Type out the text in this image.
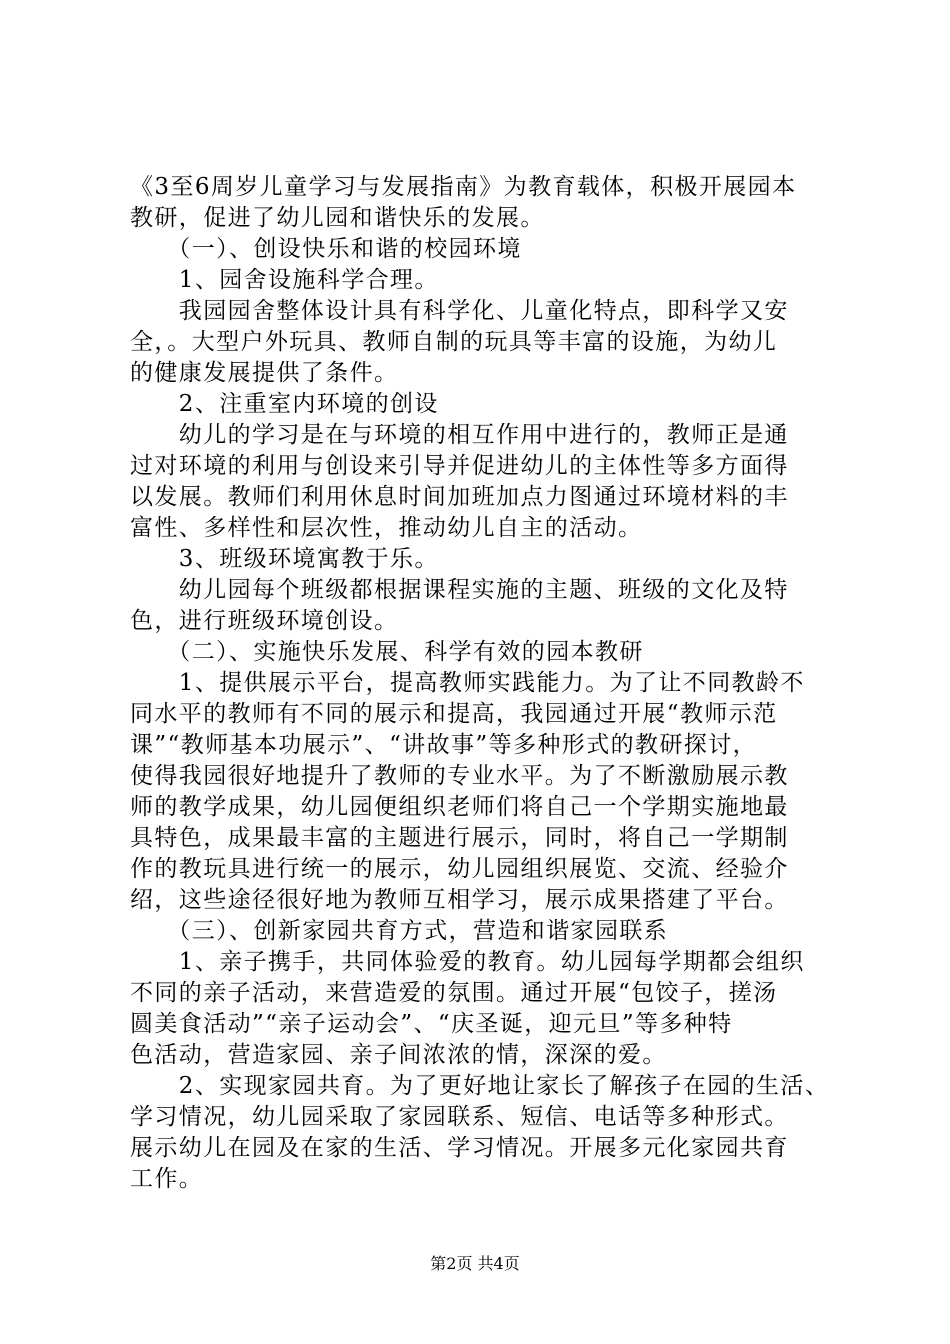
《3至6周岁儿童学习与发展指南》为教育载体，积极开展园本
教研，促进了幼儿园和谐快乐的发展。
　　（一）、创设快乐和谐的校园环境
　　1、园舍设施科学合理。
　　我园园舍整体设计具有科学化、儿童化特点，即科学又安
全，。大型户外玩具、教师自制的玩具等丰富的设施，为幼儿
的健康发展提供了条件。
　　2、注重室内环境的创设
　　幼儿的学习是在与环境的相互作用中进行的，教师正是通
过对环境的利用与创设来引导并促进幼儿的主体性等多方面得
以发展。教师们利用休息时间加班加点力图通过环境材料的丰
富性、多样性和层次性，推动幼儿自主的活动。
　　3、班级环境寓教于乐。
　　幼儿园每个班级都根据课程实施的主题、班级的文化及特
色，进行班级环境创设。
　　（二）、实施快乐发展、科学有效的园本教研
　　1、提供展示平台，提高教师实践能力。为了让不同教龄不
同水平的教师有不同的展示和提高，我园通过开展“教师示范
课”“教师基本功展示”、“讲故事”等多种形式的教研探讨，
使得我园很好地提升了教师的专业水平。为了不断激励展示教
师的教学成果，幼儿园便组织老师们将自己一个学期实施地最
具特色，成果最丰富的主题进行展示，同时，将自己一学期制
作的教玩具进行统一的展示，幼儿园组织展览、交流、经验介
绍，这些途径很好地为教师互相学习，展示成果搭建了平台。
　　（三）、创新家园共育方式，营造和谐家园联系
　　1、亲子携手，共同体验爱的教育。幼儿园每学期都会组织
不同的亲子活动，来营造爱的氛围。通过开展“包饺子，搓汤
圆美食活动”“亲子运动会”、“庆圣诞，迎元旦”等多种特
色活动，营造家园、亲子间浓浓的情，深深的爱。
　　2、实现家园共育。为了更好地让家长了解孩子在园的生活、
学习情况，幼儿园采取了家园联系、短信、电话等多种形式。
展示幼儿在园及在家的生活、学习情况。开展多元化家园共育
工作。
第2页 共4页
